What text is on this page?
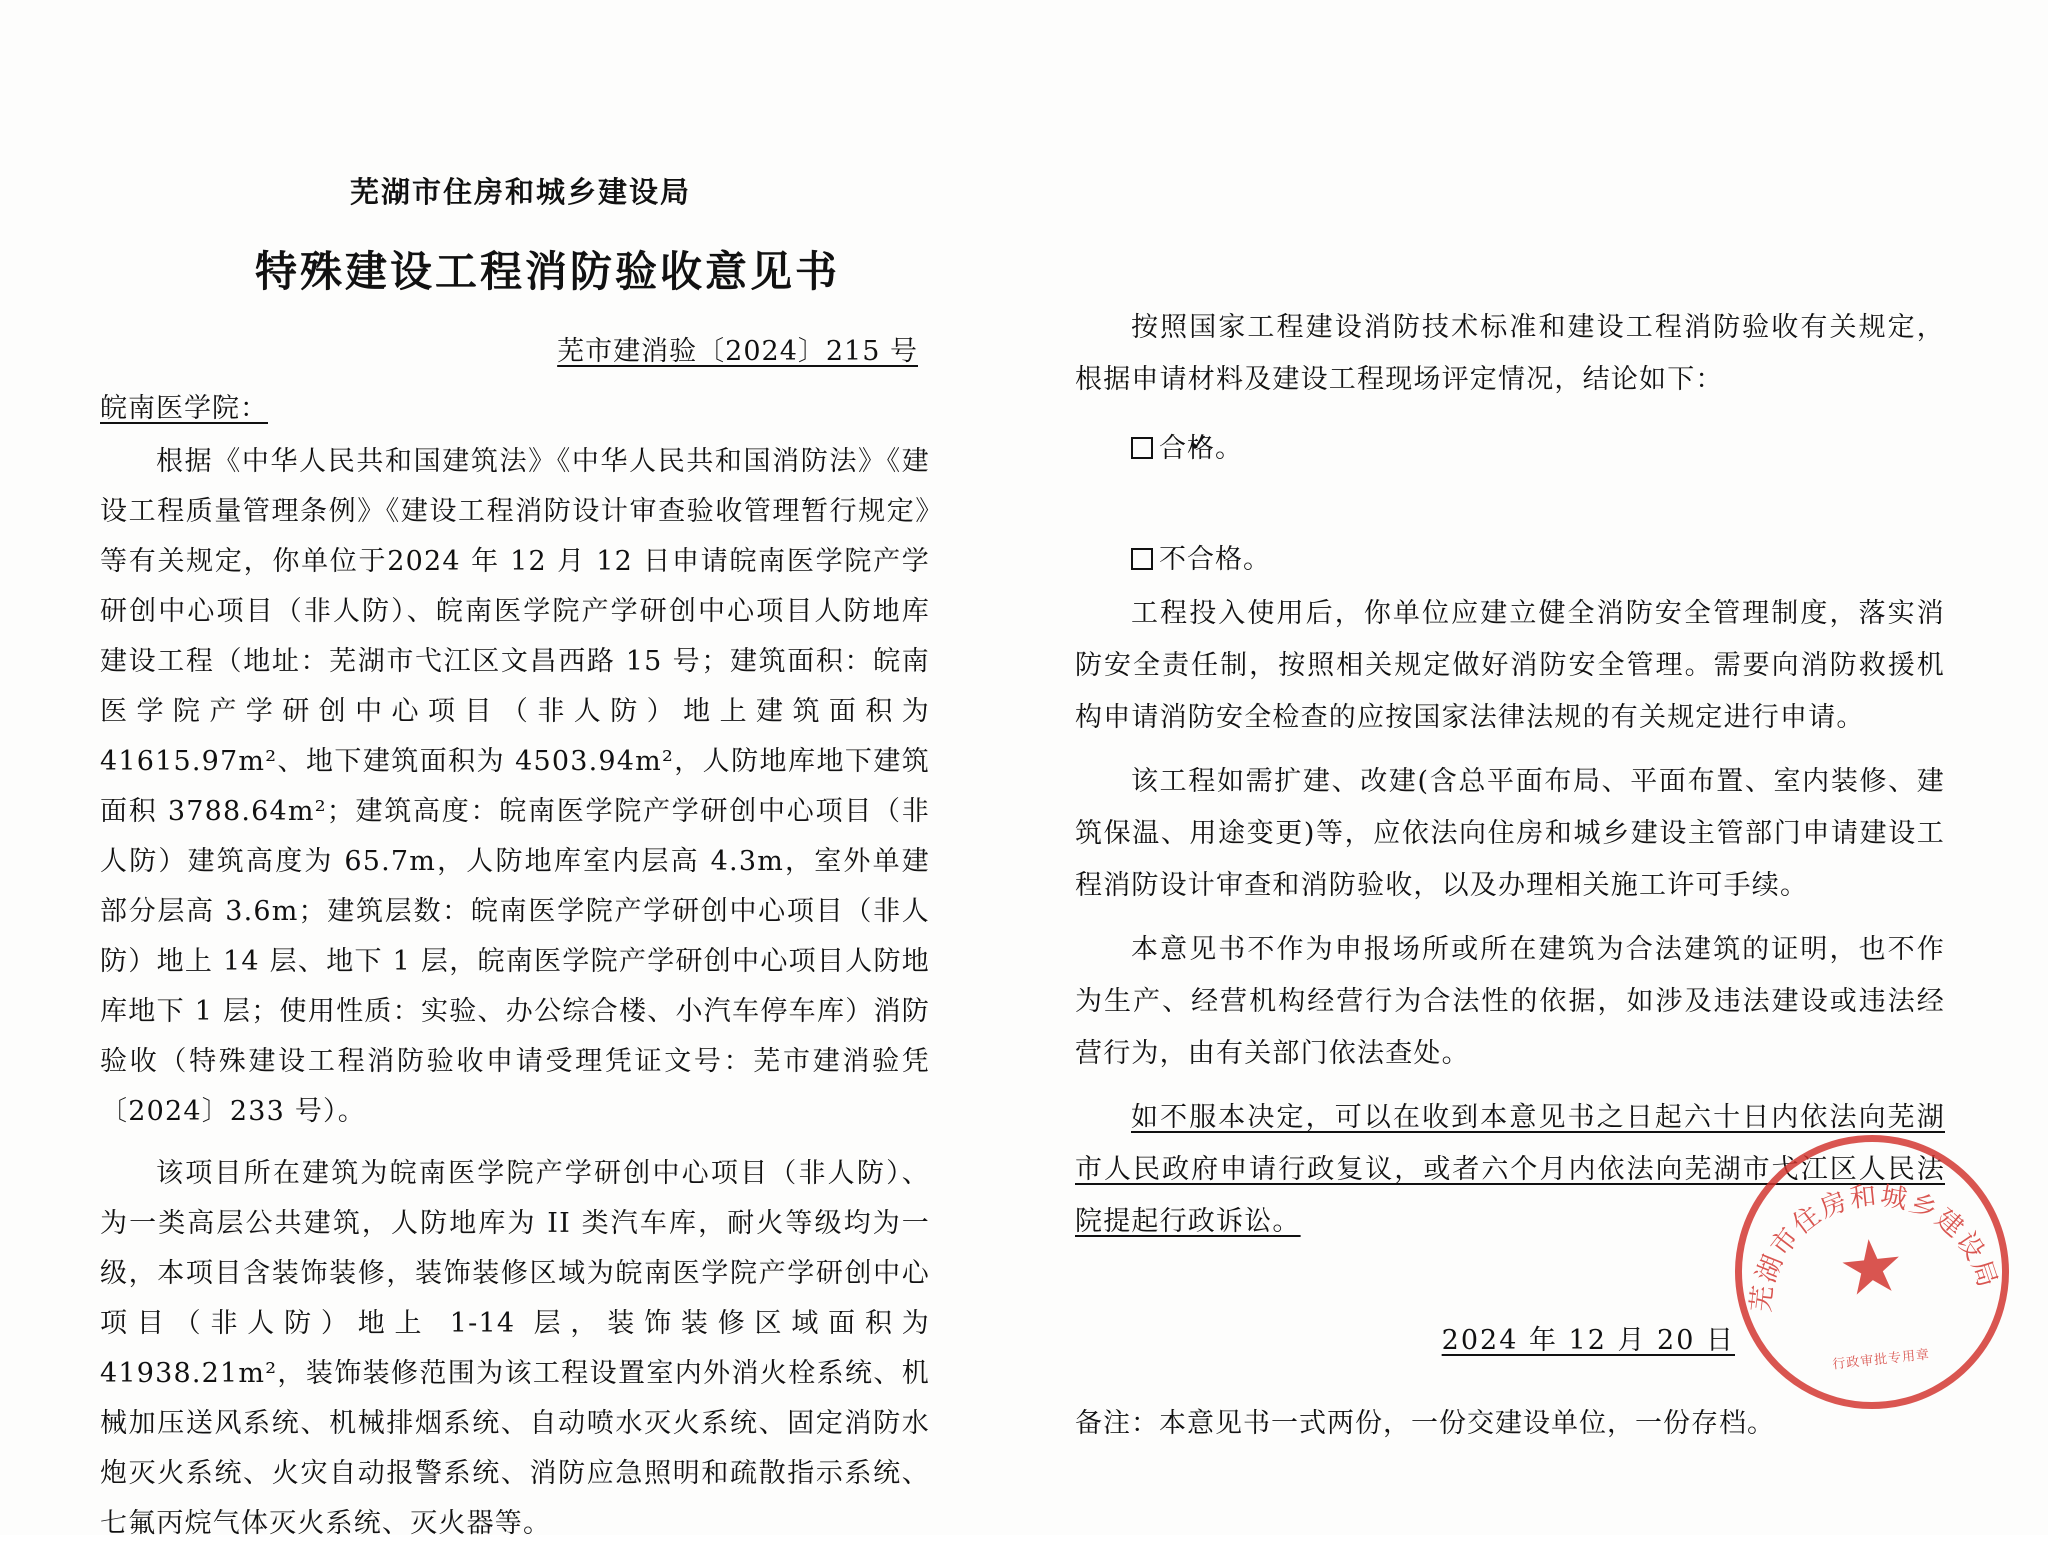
芜湖市住房和城乡建设局
特殊建设工程消防验收意见书
芜市建消验〔2024〕215 号
皖南医学院：
根据《中华人民共和国建筑法》《中华人民共和国消防法》《建设工程质量管理条例》《建设工程消防设计审查验收管理暂行规定》等有关规定，你单位于2024 年 12 月 12 日申请皖南医学院产学研创中心项目（非人防）、皖南医学院产学研创中心项目人防地库建设工程（地址：芜湖市弋江区文昌西路 15 号；建筑面积：皖南医学院产学研创中心项目（非人防）地上建筑面积为 41615.97m²、地下建筑面积为 4503.94m²，人防地库地下建筑面积 3788.64m²；建筑高度：皖南医学院产学研创中心项目（非人防）建筑高度为 65.7m，人防地库室内层高 4.3m，室外单建部分层高 3.6m；建筑层数：皖南医学院产学研创中心项目（非人防）地上 14 层、地下 1 层，皖南医学院产学研创中心项目人防地库地下 1 层；使用性质：实验、办公综合楼、小汽车停车库）消防验收（特殊建设工程消防验收申请受理凭证文号：芜市建消验凭〔2024〕233 号）。
该项目所在建筑为皖南医学院产学研创中心项目（非人防）、为一类高层公共建筑，人防地库为 II 类汽车库，耐火等级均为一级，本项目含装饰装修，装饰装修区域为皖南医学院产学研创中心项目（非人防）地上 1-14 层，装饰装修区域面积为 41938.21m²，装饰装修范围为该工程设置室内外消火栓系统、机械加压送风系统、机械排烟系统、自动喷水灭火系统、固定消防水炮灭火系统、火灾自动报警系统、消防应急照明和疏散指示系统、七氟丙烷气体灭火系统、灭火器等。
按照国家工程建设消防技术标准和建设工程消防验收有关规定，根据申请材料及建设工程现场评定情况，结论如下：
✓合格。
不合格。
工程投入使用后，你单位应建立健全消防安全管理制度，落实消防安全责任制，按照相关规定做好消防安全管理。需要向消防救援机构申请消防安全检查的应按国家法律法规的有关规定进行申请。
该工程如需扩建、改建(含总平面布局、平面布置、室内装修、建筑保温、用途变更)等，应依法向住房和城乡建设主管部门申请建设工程消防设计审查和消防验收，以及办理相关施工许可手续。
本意见书不作为申报场所或所在建筑为合法建筑的证明，也不作为生产、经营机构经营行为合法性的依据，如涉及违法建设或违法经营行为，由有关部门依法查处。
如不服本决定，可以在收到本意见书之日起六十日内依法向芜湖市人民政府申请行政复议，或者六个月内依法向芜湖市弋江区人民法院提起行政诉讼。
2024 年 12 月 20 日
备注：本意见书一式两份，一份交建设单位，一份存档。
芜湖市住房和城乡建设局
★
行政审批专用章
